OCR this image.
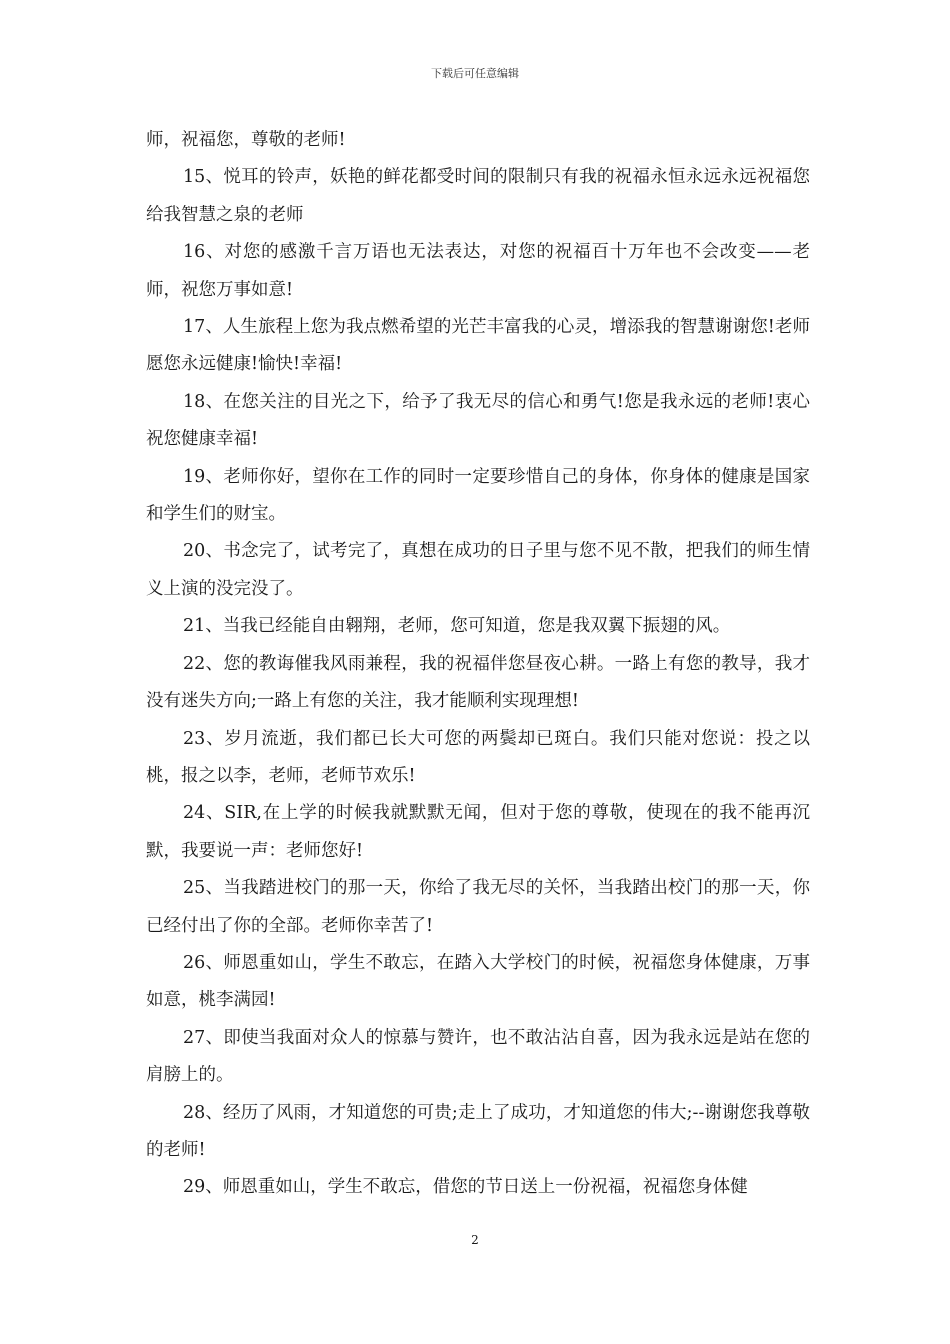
下载后可任意编辑

师，祝福您，尊敬的老师!

15、悦耳的铃声，妖艳的鲜花都受时间的限制只有我的祝福永恒永远永远祝福您给我智慧之泉的老师

16、对您的感激千言万语也无法表达，对您的祝福百十万年也不会改变——老师，祝您万事如意!

17、人生旅程上您为我点燃希望的光芒丰富我的心灵，增添我的智慧谢谢您!老师愿您永远健康!愉快!幸福!

18、在您关注的目光之下，给予了我无尽的信心和勇气!您是我永远的老师!衷心祝您健康幸福!

19、老师你好，望你在工作的同时一定要珍惜自己的身体，你身体的健康是国家和学生们的财宝。

20、书念完了，试考完了，真想在成功的日子里与您不见不散，把我们的师生情义上演的没完没了。

21、当我已经能自由翱翔，老师，您可知道，您是我双翼下振翅的风。

22、您的教诲催我风雨兼程，我的祝福伴您昼夜心耕。一路上有您的教导，我才没有迷失方向;一路上有您的关注，我才能顺利实现理想!

23、岁月流逝，我们都已长大可您的两鬓却已斑白。我们只能对您说：投之以桃，报之以李，老师，老师节欢乐!

24、SIR,在上学的时候我就默默无闻，但对于您的尊敬，使现在的我不能再沉默，我要说一声：老师您好!

25、当我踏进校门的那一天，你给了我无尽的关怀，当我踏出校门的那一天，你已经付出了你的全部。老师你幸苦了!

26、师恩重如山，学生不敢忘，在踏入大学校门的时候，祝福您身体健康，万事如意，桃李满园!

27、即使当我面对众人的惊慕与赞许，也不敢沾沾自喜，因为我永远是站在您的肩膀上的。

28、经历了风雨，才知道您的可贵;走上了成功，才知道您的伟大;--谢谢您我尊敬的老师!

29、师恩重如山，学生不敢忘，借您的节日送上一份祝福，祝福您身体健

2
